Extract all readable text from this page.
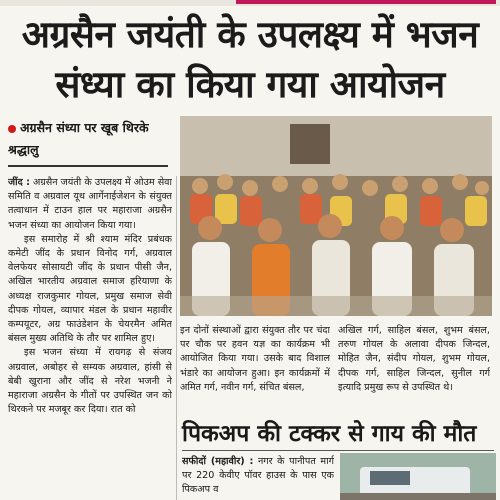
अग्रसैन जयंती के उपलक्ष्य में भजन
संध्या का किया गया आयोजन
अग्रसैन संध्या पर खूब थिरके
श्रद्धालु

जींद : अग्रसैन जयंती के उपलक्ष्य में ओउम सेवा समिति व अग्रवाल यूथ आर्गेनाईजेशन के संयुक्त तत्वाधान में टाउन हाल पर महाराजा अग्रसैन भजन संध्या का आयोजन किया गया।

इस समारोह में श्री श्याम मंदिर प्रबंधक कमेटी जींद के प्रधान विनोद गर्ग, अग्रवाल वेलफेयर सोसायटी जींद के प्रधान पीसी जैन, अखिल भारतीय अग्रवाल समाज हरियाणा के अध्यक्ष राजकुमार गोयल, प्रमुख समाज सेवी दीपक गोयल, व्यापार मंडल के प्रधान महावीर कम्पयूटर, अग्र फाउंडेशन के चेयरमैन अमित बंसल मुख्य अतिथि के तौर पर शामिल हुए।

इस भजन संध्या में रायगढ़ से संजय अग्रवाल, अबोहर से सम्यक अग्रवाल, हांसी से बेबी खुराना और जींद से नरेश भजनी ने महाराजा अग्रसैन के गीतों पर उपस्थित जन को थिरकने पर मजबूर कर दिया। रात को

इन दोनों संस्थाओं द्वारा संयुक्त तौर पर चंदा पर चौक पर हवन यज्ञ का कार्यक्रम भी आयोजित किया गया। उसके बाद विशाल भंडारे का आयोजन हुआ। इन कार्यक्रमों में अमित गर्ग, नवीन गर्ग, संचित बंसल,
अखिल गर्ग, साहिल बंसल, शुभम बंसल, तरुण गोयल के अलावा दीपक जिन्दल, मोहित जैन, संदीप गोयल, शुभम गोयल, दीपक गर्ग, साहिल जिन्दल, सुनील गर्ग इत्यादि प्रमुख रूप से उपस्थित थे।
पिकअप की टक्कर से गाय की मौत
सफीदों (महावीर) : नगर के पानीपत मार्ग पर 220 केवीए पॉवर हाउस के पास एक पिकअप व
